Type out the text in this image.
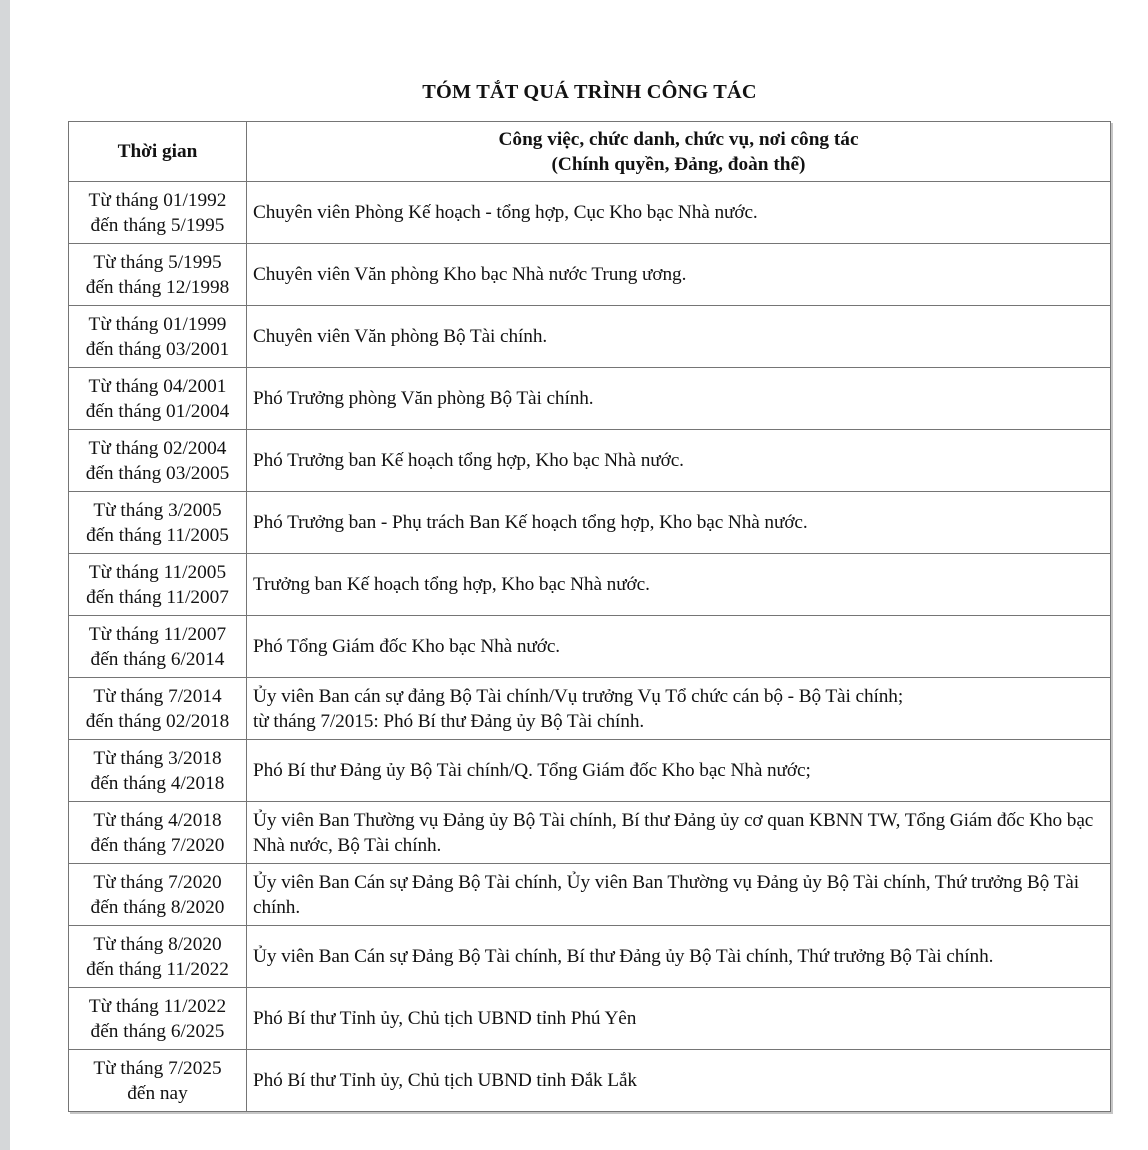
TÓM TẮT QUÁ TRÌNH CÔNG TÁC
Thời gian	Công việc, chức danh, chức vụ, nơi công tác
(Chính quyền, Đảng, đoàn thể)

Từ tháng 01/1992
đến tháng 5/1995	Chuyên viên Phòng Kế hoạch - tổng hợp, Cục Kho bạc Nhà nước.

Từ tháng 5/1995
đến tháng 12/1998	Chuyên viên Văn phòng Kho bạc Nhà nước Trung ương.

Từ tháng 01/1999
đến tháng 03/2001	Chuyên viên Văn phòng Bộ Tài chính.

Từ tháng 04/2001
đến tháng 01/2004	Phó Trưởng phòng Văn phòng Bộ Tài chính.

Từ tháng 02/2004
đến tháng 03/2005	Phó Trưởng ban Kế hoạch tổng hợp, Kho bạc Nhà nước.

Từ tháng 3/2005
đến tháng 11/2005	Phó Trưởng ban - Phụ trách Ban Kế hoạch tổng hợp, Kho bạc Nhà nước.

Từ tháng 11/2005
đến tháng 11/2007	Trưởng ban Kế hoạch tổng hợp, Kho bạc Nhà nước.

Từ tháng 11/2007
đến tháng 6/2014	Phó Tổng Giám đốc Kho bạc Nhà nước.

Từ tháng 7/2014
đến tháng 02/2018	Ủy viên Ban cán sự đảng Bộ Tài chính/Vụ trưởng Vụ Tổ chức cán bộ - Bộ Tài chính;
từ tháng 7/2015: Phó Bí thư Đảng ủy Bộ Tài chính.

Từ tháng 3/2018
đến tháng 4/2018	Phó Bí thư Đảng ủy Bộ Tài chính/Q. Tổng Giám đốc Kho bạc Nhà nước;

Từ tháng 4/2018
đến tháng 7/2020	Ủy viên Ban Thường vụ Đảng ủy Bộ Tài chính, Bí thư Đảng ủy cơ quan KBNN TW, Tổng Giám đốc Kho bạc Nhà nước, Bộ Tài chính.

Từ tháng 7/2020
đến tháng 8/2020	Ủy viên Ban Cán sự Đảng Bộ Tài chính, Ủy viên Ban Thường vụ Đảng ủy Bộ Tài chính, Thứ trưởng Bộ Tài chính.

Từ tháng 8/2020
đến tháng 11/2022	Ủy viên Ban Cán sự Đảng Bộ Tài chính, Bí thư Đảng ủy Bộ Tài chính, Thứ trưởng Bộ Tài chính.

Từ tháng 11/2022
đến tháng 6/2025	Phó Bí thư Tỉnh ủy, Chủ tịch UBND tỉnh Phú Yên

Từ tháng 7/2025
đến nay	Phó Bí thư Tỉnh ủy, Chủ tịch UBND tỉnh Đắk Lắk
